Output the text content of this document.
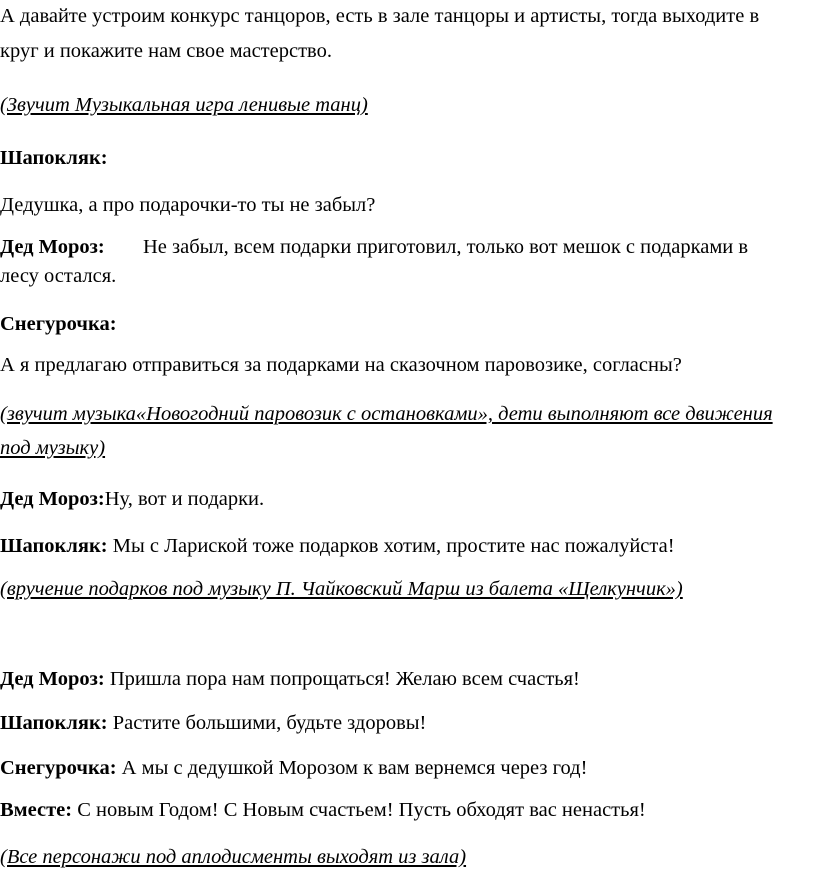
А давайте устроим конкурс танцоров, есть в зале танцоры и артисты, тогда выходите в
круг и покажите нам свое мастерство.
(Звучит Музыкальная игра ленивые танц)
Шапокляк:
Дедушка, а про подарочки-то ты не забыл?
Дед Мороз: Не забыл, всем подарки приготовил, только вот мешок с подарками в
лесу остался.
Снегурочка:
А я предлагаю отправиться за подарками на сказочном паровозике, согласны?
(звучит музыка«Новогодний паровозик с остановками», дети выполняют все движения
под музыку)
Дед Мороз:Ну, вот и подарки.
Шапокляк: Мы с Лариской тоже подарков хотим, простите нас пожалуйста!
(вручение подарков под музыку П. Чайковский Марш из балета «Щелкунчик»)
Дед Мороз: Пришла пора нам попрощаться! Желаю всем счастья!
Шапокляк: Растите большими, будьте здоровы!
Снегурочка: А мы с дедушкой Морозом к вам вернемся через год!
Вместе: С новым Годом! С Новым счастьем! Пусть обходят вас ненастья!
(Все персонажи под аплодисменты выходят из зала)
